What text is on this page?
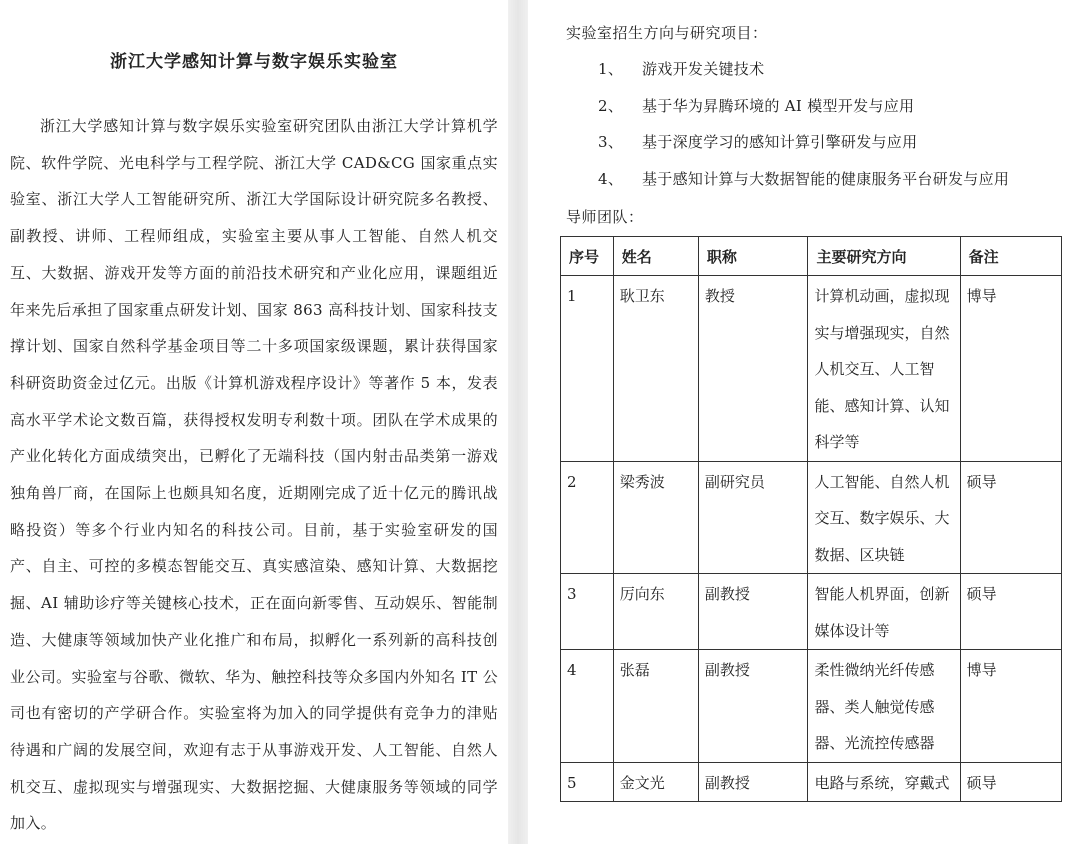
浙江大学感知计算与数字娱乐实验室

浙江大学感知计算与数字娱乐实验室研究团队由浙江大学计算机学院、软件学院、光电科学与工程学院、浙江大学 CAD&CG 国家重点实验室、浙江大学人工智能研究所、浙江大学国际设计研究院多名教授、副教授、讲师、工程师组成，实验室主要从事人工智能、自然人机交互、大数据、游戏开发等方面的前沿技术研究和产业化应用，课题组近年来先后承担了国家重点研发计划、国家 863 高科技计划、国家科技支撑计划、国家自然科学基金项目等二十多项国家级课题，累计获得国家科研资助资金过亿元。出版《计算机游戏程序设计》等著作 5 本，发表高水平学术论文数百篇，获得授权发明专利数十项。团队在学术成果的产业化转化方面成绩突出，已孵化了无端科技（国内射击品类第一游戏独角兽厂商，在国际上也颇具知名度，近期刚完成了近十亿元的腾讯战略投资）等多个行业内知名的科技公司。目前，基于实验室研发的国产、自主、可控的多模态智能交互、真实感渲染、感知计算、大数据挖掘、AI 辅助诊疗等关键核心技术，正在面向新零售、互动娱乐、智能制造、大健康等领域加快产业化推广和布局，拟孵化一系列新的高科技创业公司。实验室与谷歌、微软、华为、触控科技等众多国内外知名 IT 公司也有密切的产学研合作。实验室将为加入的同学提供有竞争力的津贴待遇和广阔的发展空间，欢迎有志于从事游戏开发、人工智能、自然人机交互、虚拟现实与增强现实、大数据挖掘、大健康服务等领域的同学加入。

实验室招生方向与研究项目：

1、 游戏开发关键技术
2、 基于华为昇腾环境的 AI 模型开发与应用
3、 基于深度学习的感知计算引擎研发与应用
4、 基于感知计算与大数据智能的健康服务平台研发与应用

导师团队：

序号	姓名	职称	主要研究方向	备注
1	耿卫东	教授	计算机动画，虚拟现实与增强现实，自然人机交互、人工智能、感知计算、认知科学等	博导
2	梁秀波	副研究员	人工智能、自然人机交互、数字娱乐、大数据、区块链	硕导
3	厉向东	副教授	智能人机界面，创新媒体设计等	硕导
4	张磊	副教授	柔性微纳光纤传感器、类人触觉传感器、光流控传感器	博导
5	金文光	副教授	电路与系统，穿戴式	硕导
